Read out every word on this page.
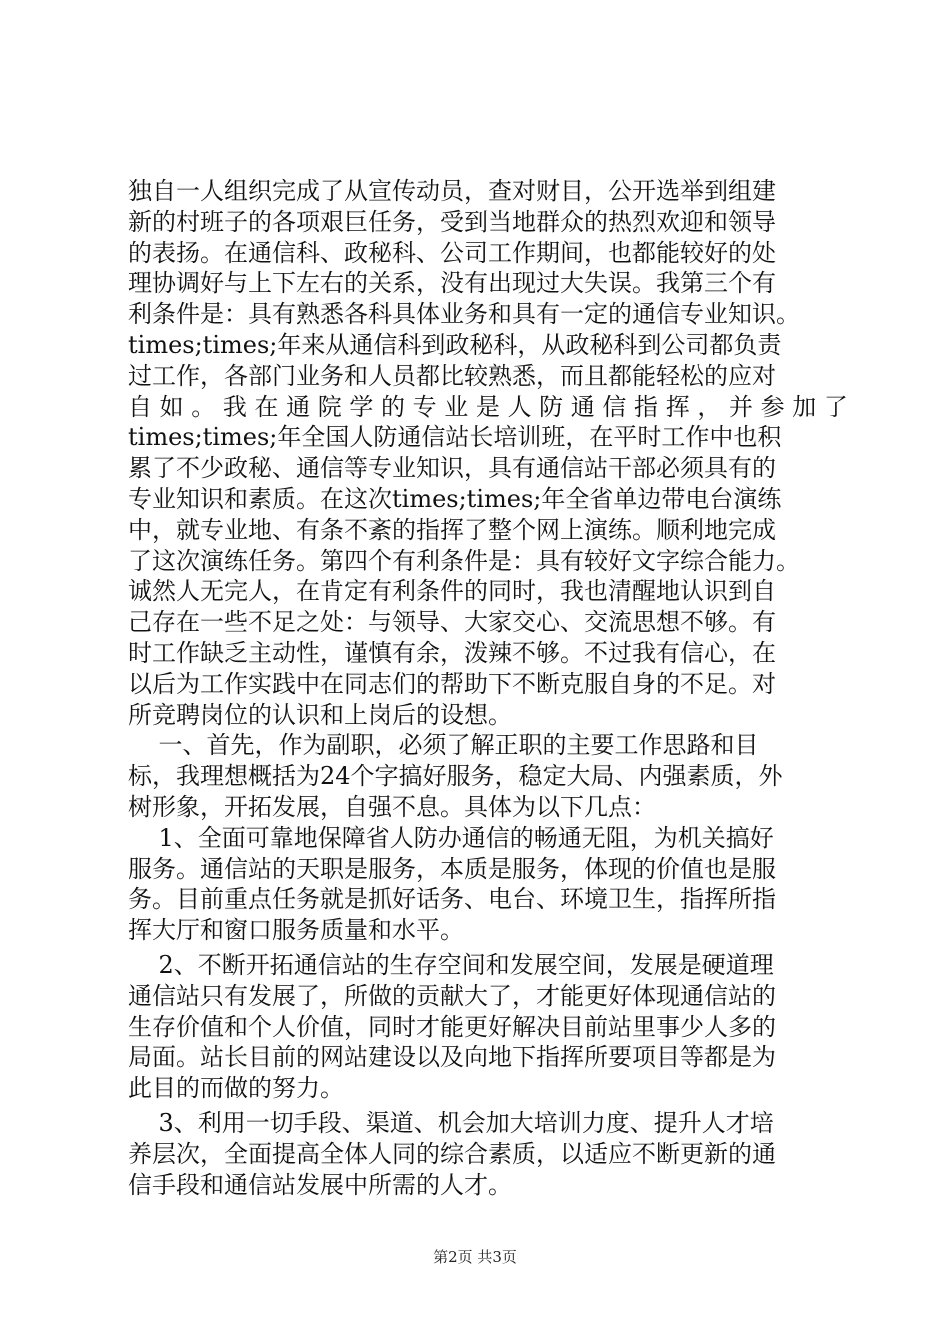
独自一人组织完成了从宣传动员，查对财目，公开选举到组建
新的村班子的各项艰巨任务，受到当地群众的热烈欢迎和领导
的表扬。在通信科、政秘科、公司工作期间，也都能较好的处
理协调好与上下左右的关系，没有出现过大失误。我第三个有
利条件是：具有熟悉各科具体业务和具有一定的通信专业知识。
times;times;年来从通信科到政秘科，从政秘科到公司都负责
过工作，各部门业务和人员都比较熟悉，而且都能轻松的应对
自 如 。 我 在 通 院 学 的 专 业 是 人 防 通 信 指 挥 ， 并 参 加 了
times;times;年全国人防通信站长培训班，在平时工作中也积
累了不少政秘、通信等专业知识，具有通信站干部必须具有的
专业知识和素质。在这次times;times;年全省单边带电台演练
中，就专业地、有条不紊的指挥了整个网上演练。顺利地完成
了这次演练任务。第四个有利条件是：具有较好文字综合能力。
诚然人无完人，在肯定有利条件的同时，我也清醒地认识到自
己存在一些不足之处：与领导、大家交心、交流思想不够。有
时工作缺乏主动性，谨慎有余，泼辣不够。不过我有信心，在
以后为工作实践中在同志们的帮助下不断克服自身的不足。对
所竞聘岗位的认识和上岗后的设想。
一、首先，作为副职，必须了解正职的主要工作思路和目
标，我理想概括为24个字搞好服务，稳定大局、内强素质，外
树形象，开拓发展，自强不息。具体为以下几点：
1、全面可靠地保障省人防办通信的畅通无阻，为机关搞好
服务。通信站的天职是服务，本质是服务，体现的价值也是服
务。目前重点任务就是抓好话务、电台、环境卫生，指挥所指
挥大厅和窗口服务质量和水平。
2、不断开拓通信站的生存空间和发展空间，发展是硬道理
通信站只有发展了，所做的贡献大了，才能更好体现通信站的
生存价值和个人价值，同时才能更好解决目前站里事少人多的
局面。站长目前的网站建设以及向地下指挥所要项目等都是为
此目的而做的努力。
3、利用一切手段、渠道、机会加大培训力度、提升人才培
养层次，全面提高全体人同的综合素质，以适应不断更新的通
信手段和通信站发展中所需的人才。
第2页 共3页
